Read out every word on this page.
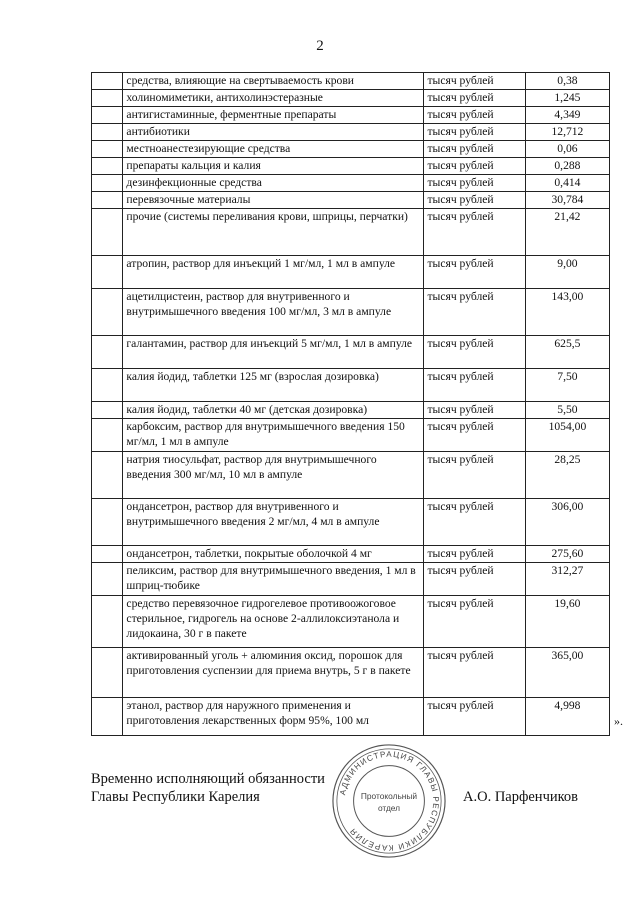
2
	средства, влияющие на свертываемость крови	тысяч рублей	0,38
	холиномиметики, антихолинэстеразные	тысяч рублей	1,245
	антигистаминные, ферментные препараты	тысяч рублей	4,349
	антибиотики	тысяч рублей	12,712
	местноанестезирующие средства	тысяч рублей	0,06
	препараты кальция и калия	тысяч рублей	0,288
	дезинфекционные средства	тысяч рублей	0,414
	перевязочные материалы	тысяч рублей	30,784
	прочие (системы переливания крови, шприцы, перчатки)	тысяч рублей	21,42
	атропин, раствор для инъекций 1 мг/мл, 1 мл в ампуле	тысяч рублей	9,00
	ацетилцистеин, раствор для внутривенного и внутримышечного введения 100 мг/мл, 3 мл в ампуле	тысяч рублей	143,00
	галантамин, раствор для инъекций 5 мг/мл, 1 мл в ампуле	тысяч рублей	625,5
	калия йодид, таблетки 125 мг (взрослая дозировка)	тысяч рублей	7,50
	калия йодид, таблетки 40 мг (детская дозировка)	тысяч рублей	5,50
	карбоксим, раствор для внутримышечного введения 150 мг/мл, 1 мл в ампуле	тысяч рублей	1054,00
	натрия тиосульфат, раствор для внутримышечного введения 300 мг/мл, 10 мл в ампуле	тысяч рублей	28,25
	ондансетрон, раствор для внутривенного и внутримышечного введения 2 мг/мл, 4 мл в ампуле	тысяч рублей	306,00
	ондансетрон, таблетки, покрытые оболочкой 4 мг	тысяч рублей	275,60
	пеликсим, раствор для внутримышечного введения, 1 мл в шприц-тюбике	тысяч рублей	312,27
	средство перевязочное гидрогелевое противоожоговое стерильное, гидрогель на основе 2-аллилоксиэтанола и лидокаина, 30 г в пакете	тысяч рублей	19,60
	активированный уголь + алюминия оксид, порошок для приготовления суспензии для приема внутрь, 5 г в пакете	тысяч рублей	365,00
	этанол, раствор для наружного применения и приготовления лекарственных форм 95%, 100 мл	тысяч рублей	4,998
».
Временно исполняющий обязанности
Главы Республики Карелия	А.О. Парфенчиков
АДМИНИСТРАЦИЯ ГЛАВЫ РЕСПУБЛИКИ КАРЕЛИЯ
Протокольный
отдел
